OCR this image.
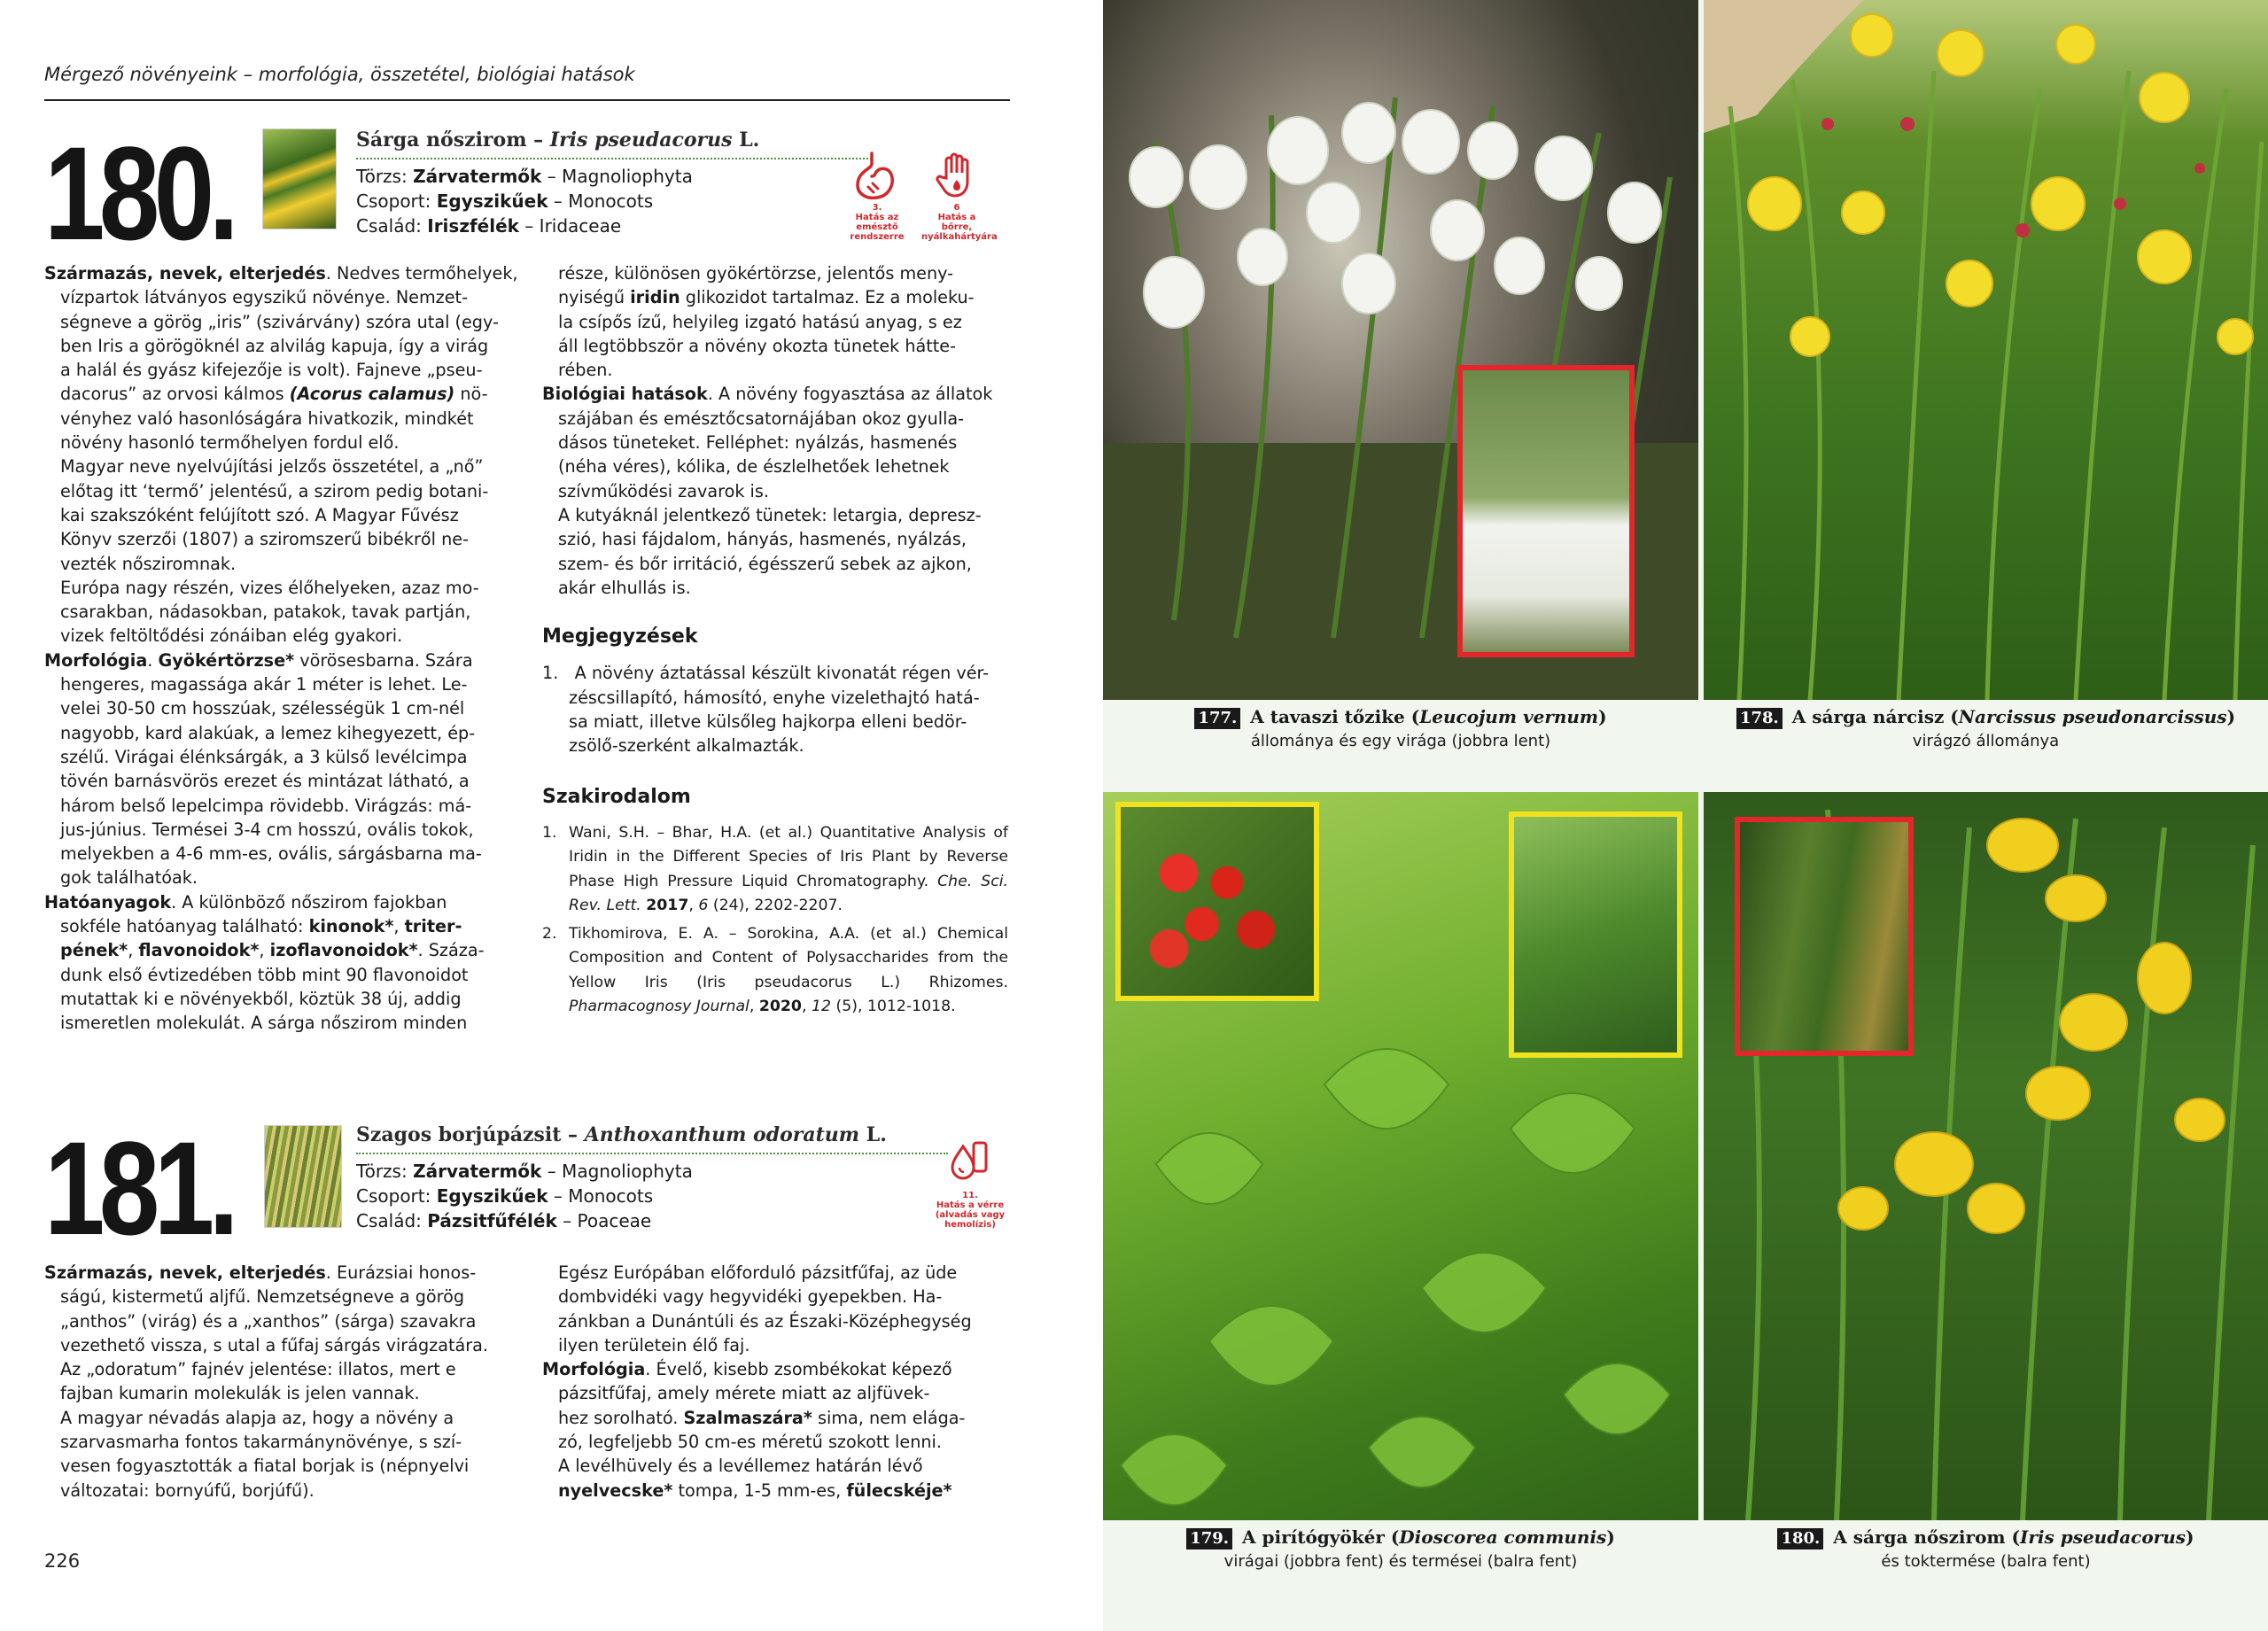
Mérgező növényeink – morfológia, összetétel, biológiai hatások
180.	Sárga nőszirom – Iris pseudacorus L.
Törzs: Zárvatermők – Magnoliophyta
Csoport: Egyszikűek – Monocots
Család: Iriszfélék – Iridaceae
3.
Hatás az emésztő rendszerre
6
Hatás a bőrre, nyálkahártyára

Származás, nevek, elterjedés. Nedves termőhelyek,

vízpartok látványos egyszikű növénye. Nemzet-

ségneve a görög „iris” (szivárvány) szóra utal (egy-

ben Iris a görögöknél az alvilág kapuja, így a virág

a halál és gyász kifejezője is volt). Fajneve „pseu-

dacorus” az orvosi kálmos (Acorus calamus) nö-

vényhez való hasonlóságára hivatkozik, mindkét

növény hasonló termőhelyen fordul elő.

Magyar neve nyelvújítási jelzős összetétel, a „nő”

előtag itt ‘termő’ jelentésű, a szirom pedig botani-

kai szakszóként felújított szó. A Magyar Fűvész

Könyv szerzői (1807) a sziromszerű bibékről ne-

vezték nősziromnak.

Európa nagy részén, vizes élőhelyeken, azaz mo-

csarakban, nádasokban, patakok, tavak partján,

vizek feltöltődési zónáiban elég gyakori.

Morfológia. Gyökértörzse* vörösesbarna. Szára

hengeres, magassága akár 1 méter is lehet. Le-

velei 30-50 cm hosszúak, szélességük 1 cm-nél

nagyobb, kard alakúak, a lemez kihegyezett, ép-

szélű. Virágai élénksárgák, a 3 külső levélcimpa

tövén barnásvörös erezet és mintázat látható, a

három belső lepelcimpa rövidebb. Virágzás: má-

jus-június. Termései 3-4 cm hosszú, ovális tokok,

melyekben a 4-6 mm-es, ovális, sárgásbarna ma-

gok találhatóak.

Hatóanyagok. A különböző nőszirom fajokban

sokféle hatóanyag található: kinonok*, triter-

pének*, flavonoidok*, izoflavonoidok*. Száza-

dunk első évtizedében több mint 90 flavonoidot

mutattak ki e növényekből, köztük 38 új, addig

ismeretlen molekulát. A sárga nőszirom minden

része, különösen gyökértörzse, jelentős meny-

nyiségű iridin glikozidot tartalmaz. Ez a moleku-

la csípős ízű, helyileg izgató hatású anyag, s ez

áll legtöbbször a növény okozta tünetek hátte-

rében.

Biológiai hatások. A növény fogyasztása az állatok

szájában és emésztőcsatornájában okoz gyulla-

dásos tüneteket. Felléphet: nyálzás, hasmenés

(néha véres), kólika, de észlelhetőek lehetnek

szívműködési zavarok is.

A kutyáknál jelentkező tünetek: letargia, depresz-

szió, hasi fájdalom, hányás, hasmenés, nyálzás,

szem- és bőr irritáció, égésszerű sebek az ajkon,

akár elhullás is.

Megjegyzések

1.   A növény áztatással készült kivonatát régen vér-

zéscsillapító, hámosító, enyhe vizelethajtó hatá-

sa miatt, illetve külsőleg hajkorpa elleni bedör-

zsölő-szerként alkalmazták.

Szakirodalom
1. Wani, S.H. – Bhar, H.A. (et al.) Quantitative Analysis of Iridin in the Different Species of Iris Plant by Reverse Phase High Pressure Liquid Chromatography. Che. Sci. Rev. Lett. 2017, 6 (24), 2202-2207.
2. Tikhomirova, E. A. – Sorokina, A.A. (et al.) Chemical Composition and Content of Polysaccharides from the Yellow Iris (Iris pseudacorus L.) Rhizomes. Pharmacognosy Journal, 2020, 12 (5), 1012-1018.
181.	Szagos borjúpázsit – Anthoxanthum odoratum L.
Törzs: Zárvatermők – Magnoliophyta
Csoport: Egyszikűek – Monocots
Család: Pázsitfűfélék – Poaceae
11.
Hatás a vérre (alvadás vagy hemolízis)

Származás, nevek, elterjedés. Eurázsiai honos-

ságú, kistermetű aljfű. Nemzetségneve a görög

„anthos” (virág) és a „xanthos” (sárga) szavakra

vezethető vissza, s utal a fűfaj sárgás virágzatára.

Az „odoratum” fajnév jelentése: illatos, mert e

fajban kumarin molekulák is jelen vannak.

A magyar névadás alapja az, hogy a növény a

szarvasmarha fontos takarmánynövénye, s szí-

vesen fogyasztották a fiatal borjak is (népnyelvi

változatai: bornyúfű, borjúfű).

Egész Európában előforduló pázsitfűfaj, az üde

dombvidéki vagy hegyvidéki gyepekben. Ha-

zánkban a Dunántúli és az Északi-Középhegység

ilyen területein élő faj.

Morfológia. Évelő, kisebb zsombékokat képező

pázsitfűfaj, amely mérete miatt az aljfüvek-

hez sorolható. Szalmaszára* sima, nem elága-

zó, legfeljebb 50 cm-es méretű szokott lenni.

A levélhüvely és a levéllemez határán lévő

nyelvecske* tompa, 1-5 mm-es, fülecskéje*

226
177. A tavaszi tőzike (Leucojum vernum)
állománya és egy virága (jobbra lent)
178. A sárga nárcisz (Narcissus pseudonarcissus)
virágzó állománya
179. A pirítógyökér (Dioscorea communis)
virágai (jobbra fent) és termései (balra fent)
180. A sárga nőszirom (Iris pseudacorus)
és toktermése (balra fent)
